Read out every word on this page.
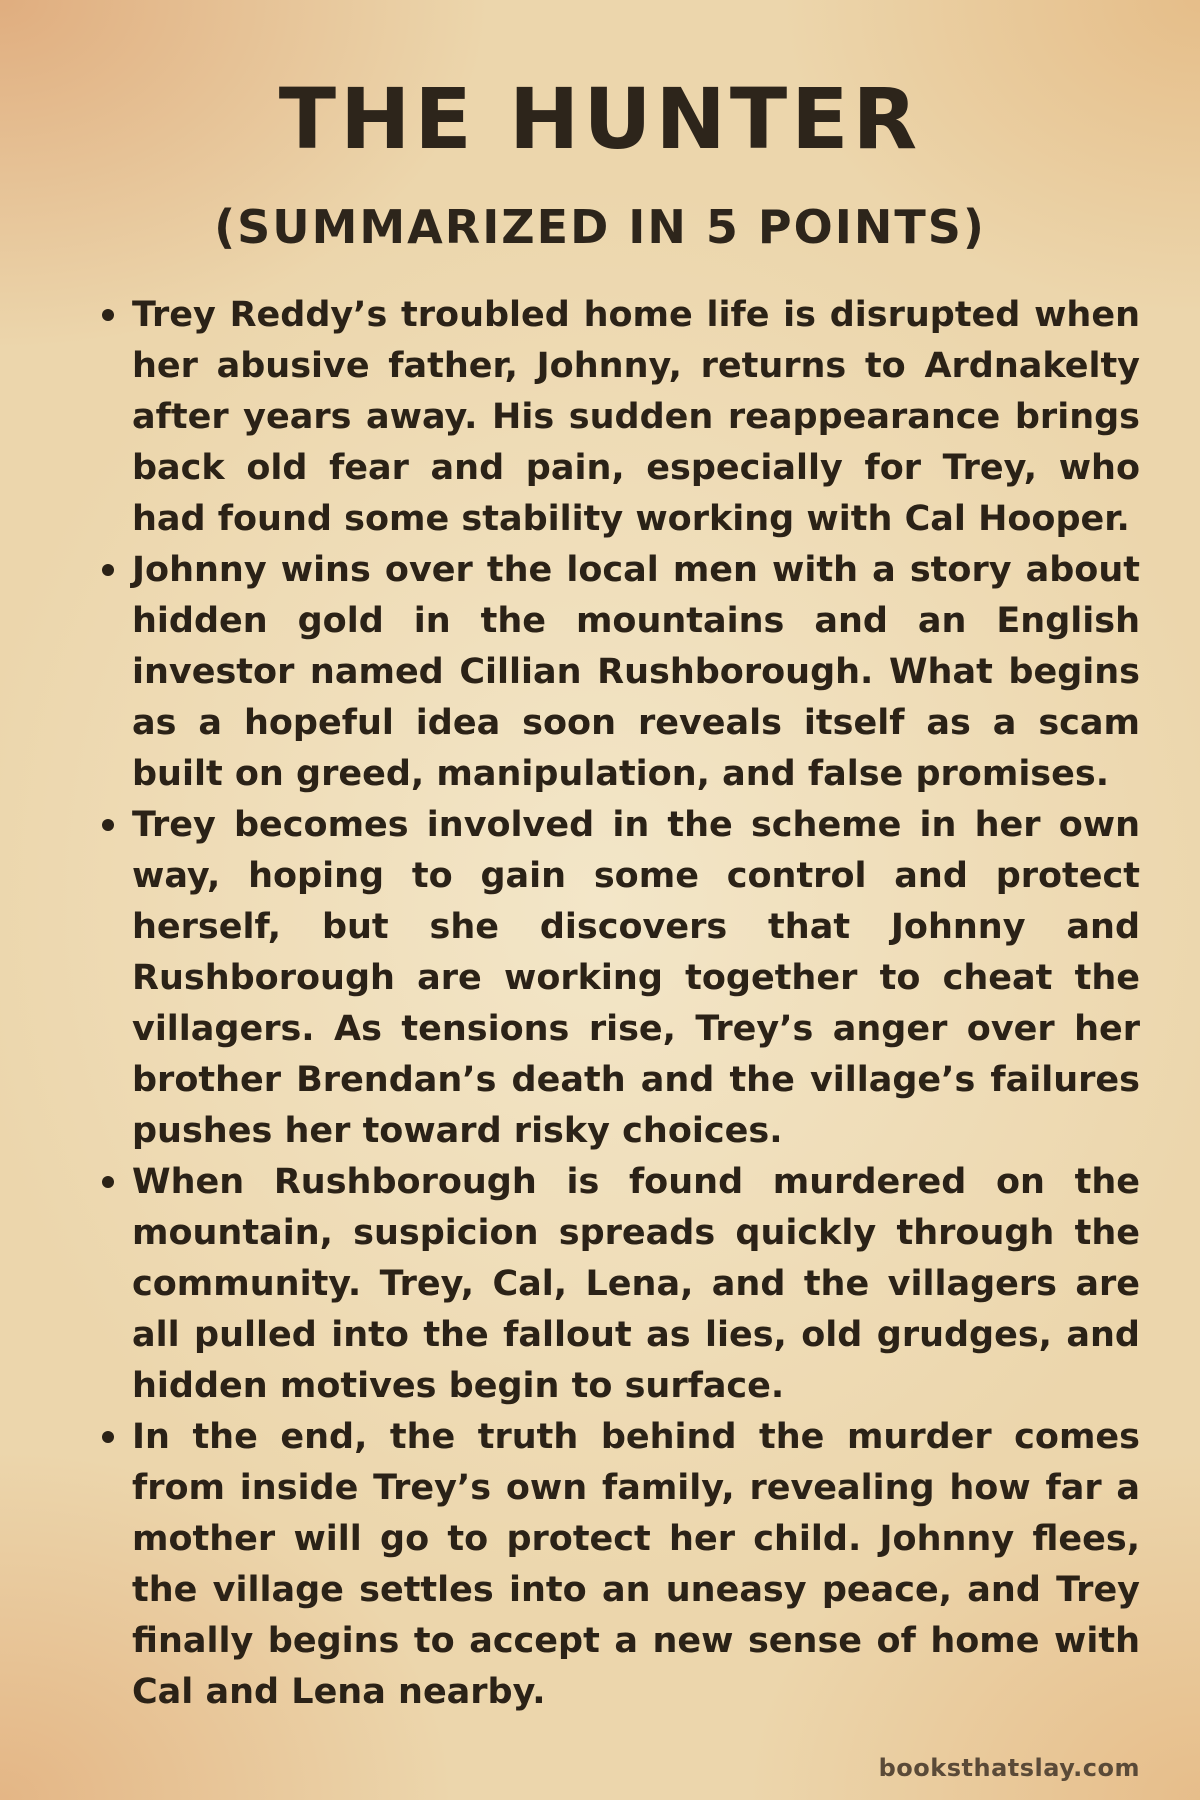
THE HUNTER
(SUMMARIZED IN 5 POINTS)
Trey Reddy’s troubled home life is disrupted when her abusive father, Johnny, returns to Ardnakelty after years away. His sudden reappearance brings back old fear and pain, especially for Trey, who had found some stability working with Cal Hooper.
Johnny wins over the local men with a story about hidden gold in the mountains and an English investor named Cillian Rushborough. What begins as a hopeful idea soon reveals itself as a scam built on greed, manipulation, and false promises.
Trey becomes involved in the scheme in her own way, hoping to gain some control and protect herself, but she discovers that Johnny and Rushborough are working together to cheat the villagers. As tensions rise, Trey’s anger over her brother Brendan’s death and the village’s failures pushes her toward risky choices.
When Rushborough is found murdered on the mountain, suspicion spreads quickly through the community. Trey, Cal, Lena, and the villagers are all pulled into the fallout as lies, old grudges, and hidden motives begin to surface.
In the end, the truth behind the murder comes from inside Trey’s own family, revealing how far a mother will go to protect her child. Johnny flees, the village settles into an uneasy peace, and Trey finally begins to accept a new sense of home with Cal and Lena nearby.
booksthatslay.com
